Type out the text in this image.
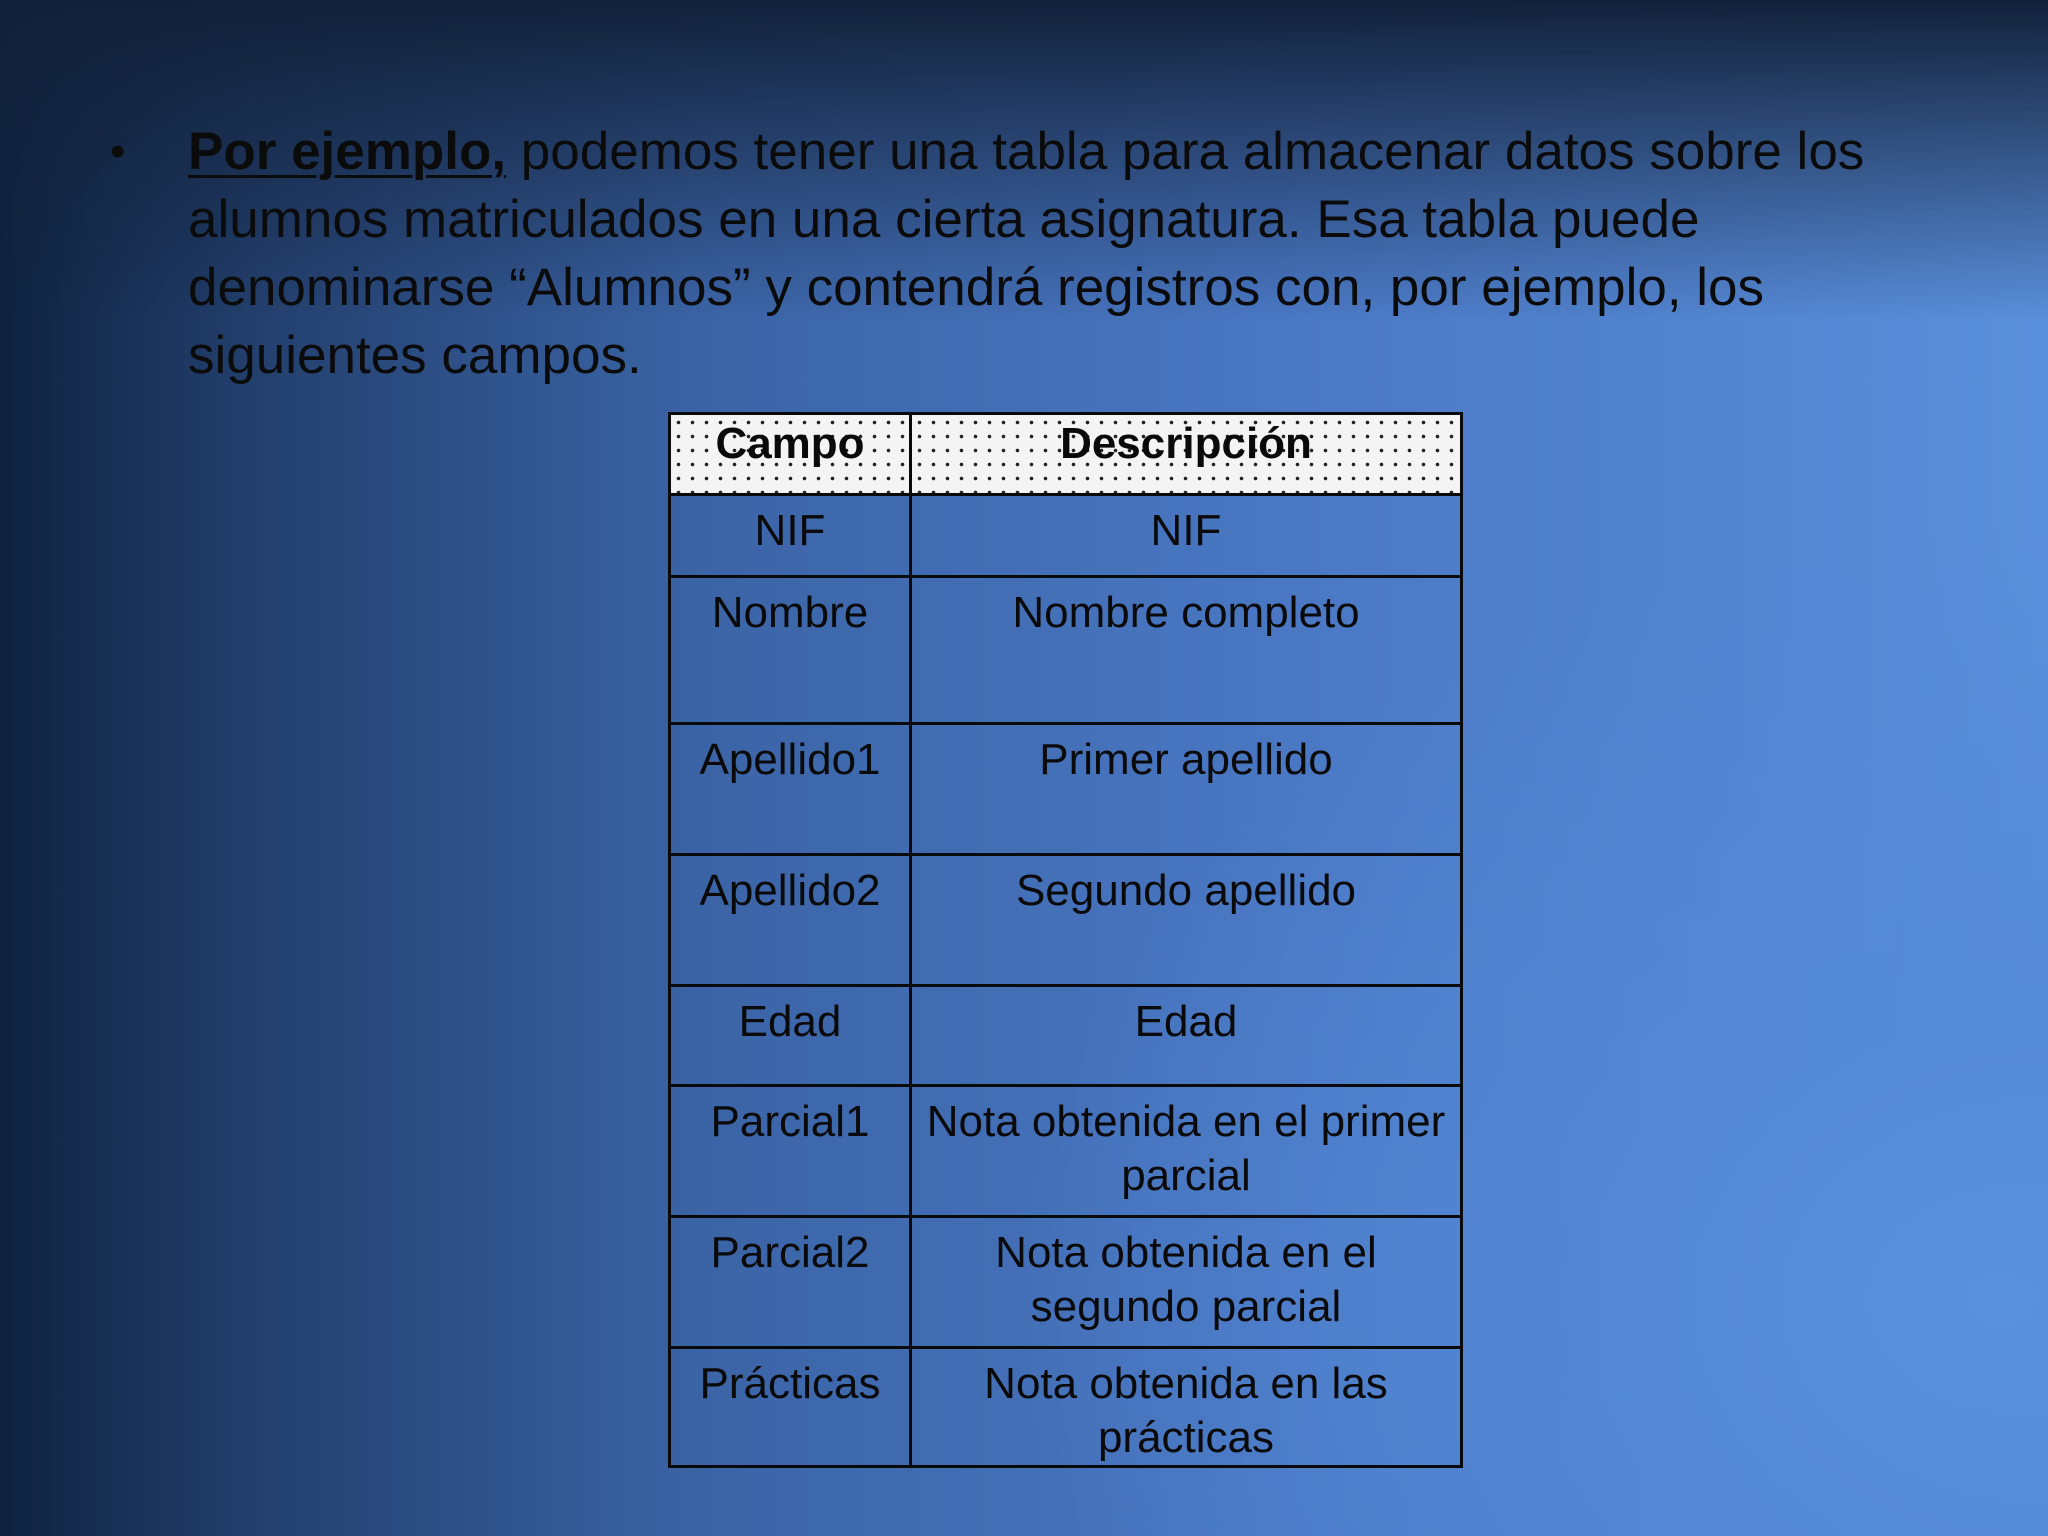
•	Por ejemplo, podemos tener una tabla para almacenar datos sobre los alumnos matriculados en una cierta asignatura. Esa tabla puede denominarse “Alumnos” y contendrá registros con, por ejemplo, los siguientes campos.

Campo	Descripción
NIF	NIF
Nombre	Nombre completo
Apellido1	Primer apellido
Apellido2	Segundo apellido
Edad	Edad
Parcial1	Nota obtenida en el primer parcial
Parcial2	Nota obtenida en el segundo parcial
Prácticas	Nota obtenida en las prácticas
